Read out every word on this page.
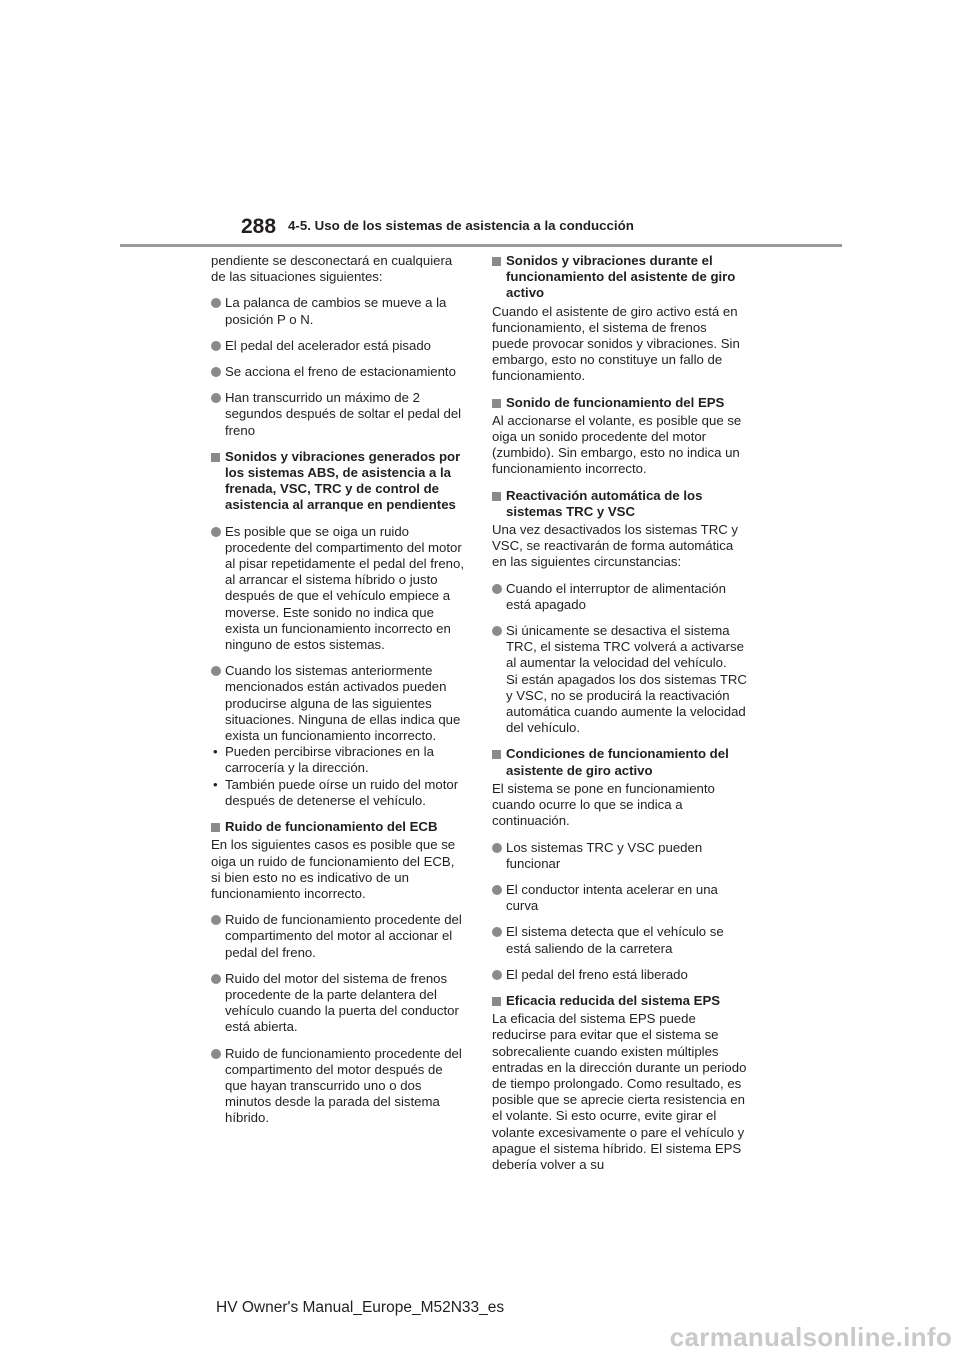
288 4-5. Uso de los sistemas de asistencia a la conducción

pendiente se desconectará en cualquiera de las situaciones siguientes:

La palanca de cambios se mueve a la posición P o N.
El pedal del acelerador está pisado
Se acciona el freno de estacionamiento
Han transcurrido un máximo de 2 segundos después de soltar el pedal del freno
Sonidos y vibraciones generados por los sistemas ABS, de asistencia a la frenada, VSC, TRC y de control de asistencia al arranque en pendientes
Es posible que se oiga un ruido procedente del compartimento del motor al pisar repetidamente el pedal del freno, al arrancar el sistema híbrido o justo después de que el vehículo empiece a moverse. Este sonido no indica que exista un funcionamiento incorrecto en ninguno de estos sistemas.
Cuando los sistemas anteriormente mencionados están activados pueden producirse alguna de las siguientes situaciones. Ninguna de ellas indica que exista un funcionamiento incorrecto.
• Pueden percibirse vibraciones en la carrocería y la dirección.
• También puede oírse un ruido del motor después de detenerse el vehículo.
Ruido de funcionamiento del ECB

En los siguientes casos es posible que se oiga un ruido de funcionamiento del ECB, si bien esto no es indicativo de un funcionamiento incorrecto.

Ruido de funcionamiento procedente del compartimento del motor al accionar el pedal del freno.
Ruido del motor del sistema de frenos procedente de la parte delantera del vehículo cuando la puerta del conductor está abierta.
Ruido de funcionamiento procedente del compartimento del motor después de que hayan transcurrido uno o dos minutos desde la parada del sistema híbrido.
Sonidos y vibraciones durante el funcionamiento del asistente de giro activo

Cuando el asistente de giro activo está en funcionamiento, el sistema de frenos puede provocar sonidos y vibraciones. Sin embargo, esto no constituye un fallo de funcionamiento.

Sonido de funcionamiento del EPS

Al accionarse el volante, es posible que se oiga un sonido procedente del motor (zumbido). Sin embargo, esto no indica un funcionamiento incorrecto.

Reactivación automática de los sistemas TRC y VSC

Una vez desactivados los sistemas TRC y VSC, se reactivarán de forma automática en las siguientes circunstancias:

Cuando el interruptor de alimentación está apagado
Si únicamente se desactiva el sistema TRC, el sistema TRC volverá a activarse al aumentar la velocidad del vehículo.
Si están apagados los dos sistemas TRC y VSC, no se producirá la reactivación automática cuando aumente la velocidad del vehículo.
Condiciones de funcionamiento del asistente de giro activo

El sistema se pone en funcionamiento cuando ocurre lo que se indica a continuación.

Los sistemas TRC y VSC pueden funcionar
El conductor intenta acelerar en una curva
El sistema detecta que el vehículo se está saliendo de la carretera
El pedal del freno está liberado
Eficacia reducida del sistema EPS

La eficacia del sistema EPS puede reducirse para evitar que el sistema se sobrecaliente cuando existen múltiples entradas en la dirección durante un periodo de tiempo prolongado. Como resultado, es posible que se aprecie cierta resistencia en el volante. Si esto ocurre, evite girar el volante excesivamente o pare el vehículo y apague el sistema híbrido. El sistema EPS debería volver a su

HV Owner's Manual_Europe_M52N33_es
carmanualsonline.info
